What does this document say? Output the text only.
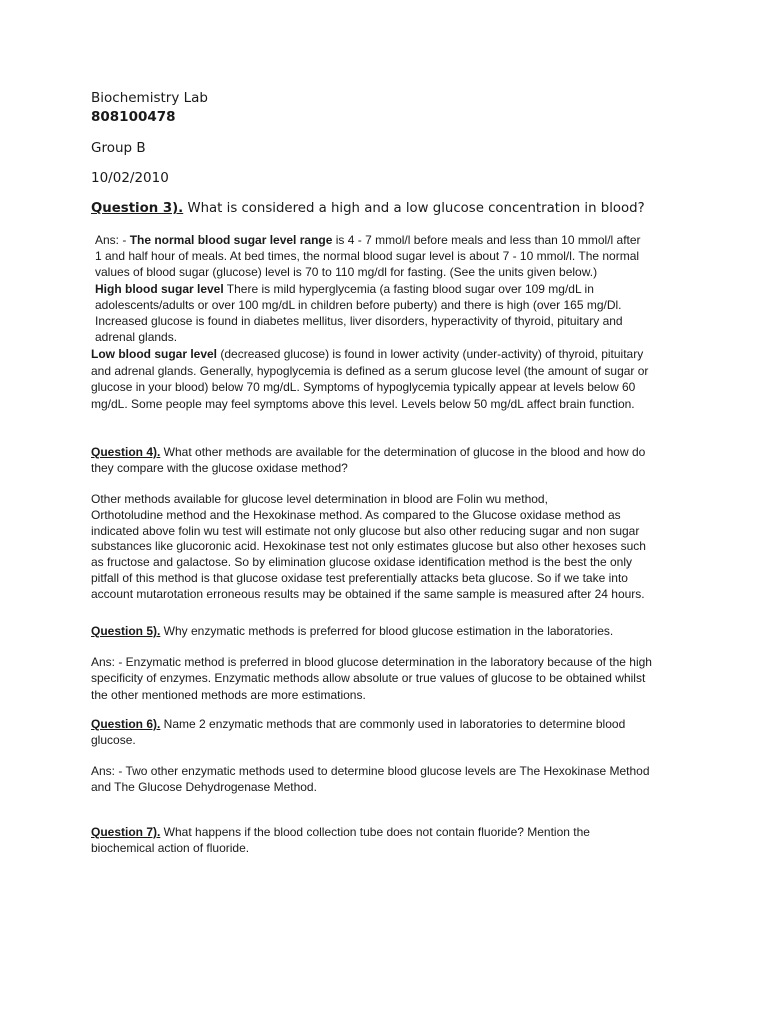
Biochemistry Lab
808100478
Group B
10/02/2010
Question 3). What is considered a high and a low glucose concentration in blood?
Ans: - The normal blood sugar level range is 4 - 7 mmol/l before meals and less than 10 mmol/l after
1 and half hour of meals. At bed times, the normal blood sugar level is about 7 - 10 mmol/l. The normal
values of blood sugar (glucose) level is 70 to 110 mg/dl for fasting. (See the units given below.)
High blood sugar level There is mild hyperglycemia (a fasting blood sugar over 109 mg/dL in
adolescents/adults or over 100 mg/dL in children before puberty) and there is high (over 165 mg/Dl.
Increased glucose is found in diabetes mellitus, liver disorders, hyperactivity of thyroid, pituitary and
adrenal glands.
Low blood sugar level (decreased glucose) is found in lower activity (under-activity) of thyroid, pituitary
and adrenal glands. Generally, hypoglycemia is defined as a serum glucose level (the amount of sugar or
glucose in your blood) below 70 mg/dL. Symptoms of hypoglycemia typically appear at levels below 60
mg/dL. Some people may feel symptoms above this level. Levels below 50 mg/dL affect brain function.
Question 4). What other methods are available for the determination of glucose in the blood and how do
they compare with the glucose oxidase method?
Other methods available for glucose level determination in blood are Folin wu method,
Orthotoludine method and the Hexokinase method. As compared to the Glucose oxidase method as
indicated above folin wu test will estimate not only glucose but also other reducing sugar and non sugar
substances like glucoronic acid. Hexokinase test not only estimates glucose but also other hexoses such
as fructose and galactose. So by elimination glucose oxidase identification method is the best the only
pitfall of this method is that glucose oxidase test preferentially attacks beta glucose. So if we take into
account mutarotation erroneous results may be obtained if the same sample is measured after 24 hours.
Question 5). Why enzymatic methods is preferred for blood glucose estimation in the laboratories.
Ans: - Enzymatic method is preferred in blood glucose determination in the laboratory because of the high
specificity of enzymes. Enzymatic methods allow absolute or true values of glucose to be obtained whilst
the other mentioned methods are more estimations.
Question 6). Name 2 enzymatic methods that are commonly used in laboratories to determine blood
glucose.
Ans: - Two other enzymatic methods used to determine blood glucose levels are The Hexokinase Method
and The Glucose Dehydrogenase Method.
Question 7). What happens if the blood collection tube does not contain fluoride? Mention the
biochemical action of fluoride.
